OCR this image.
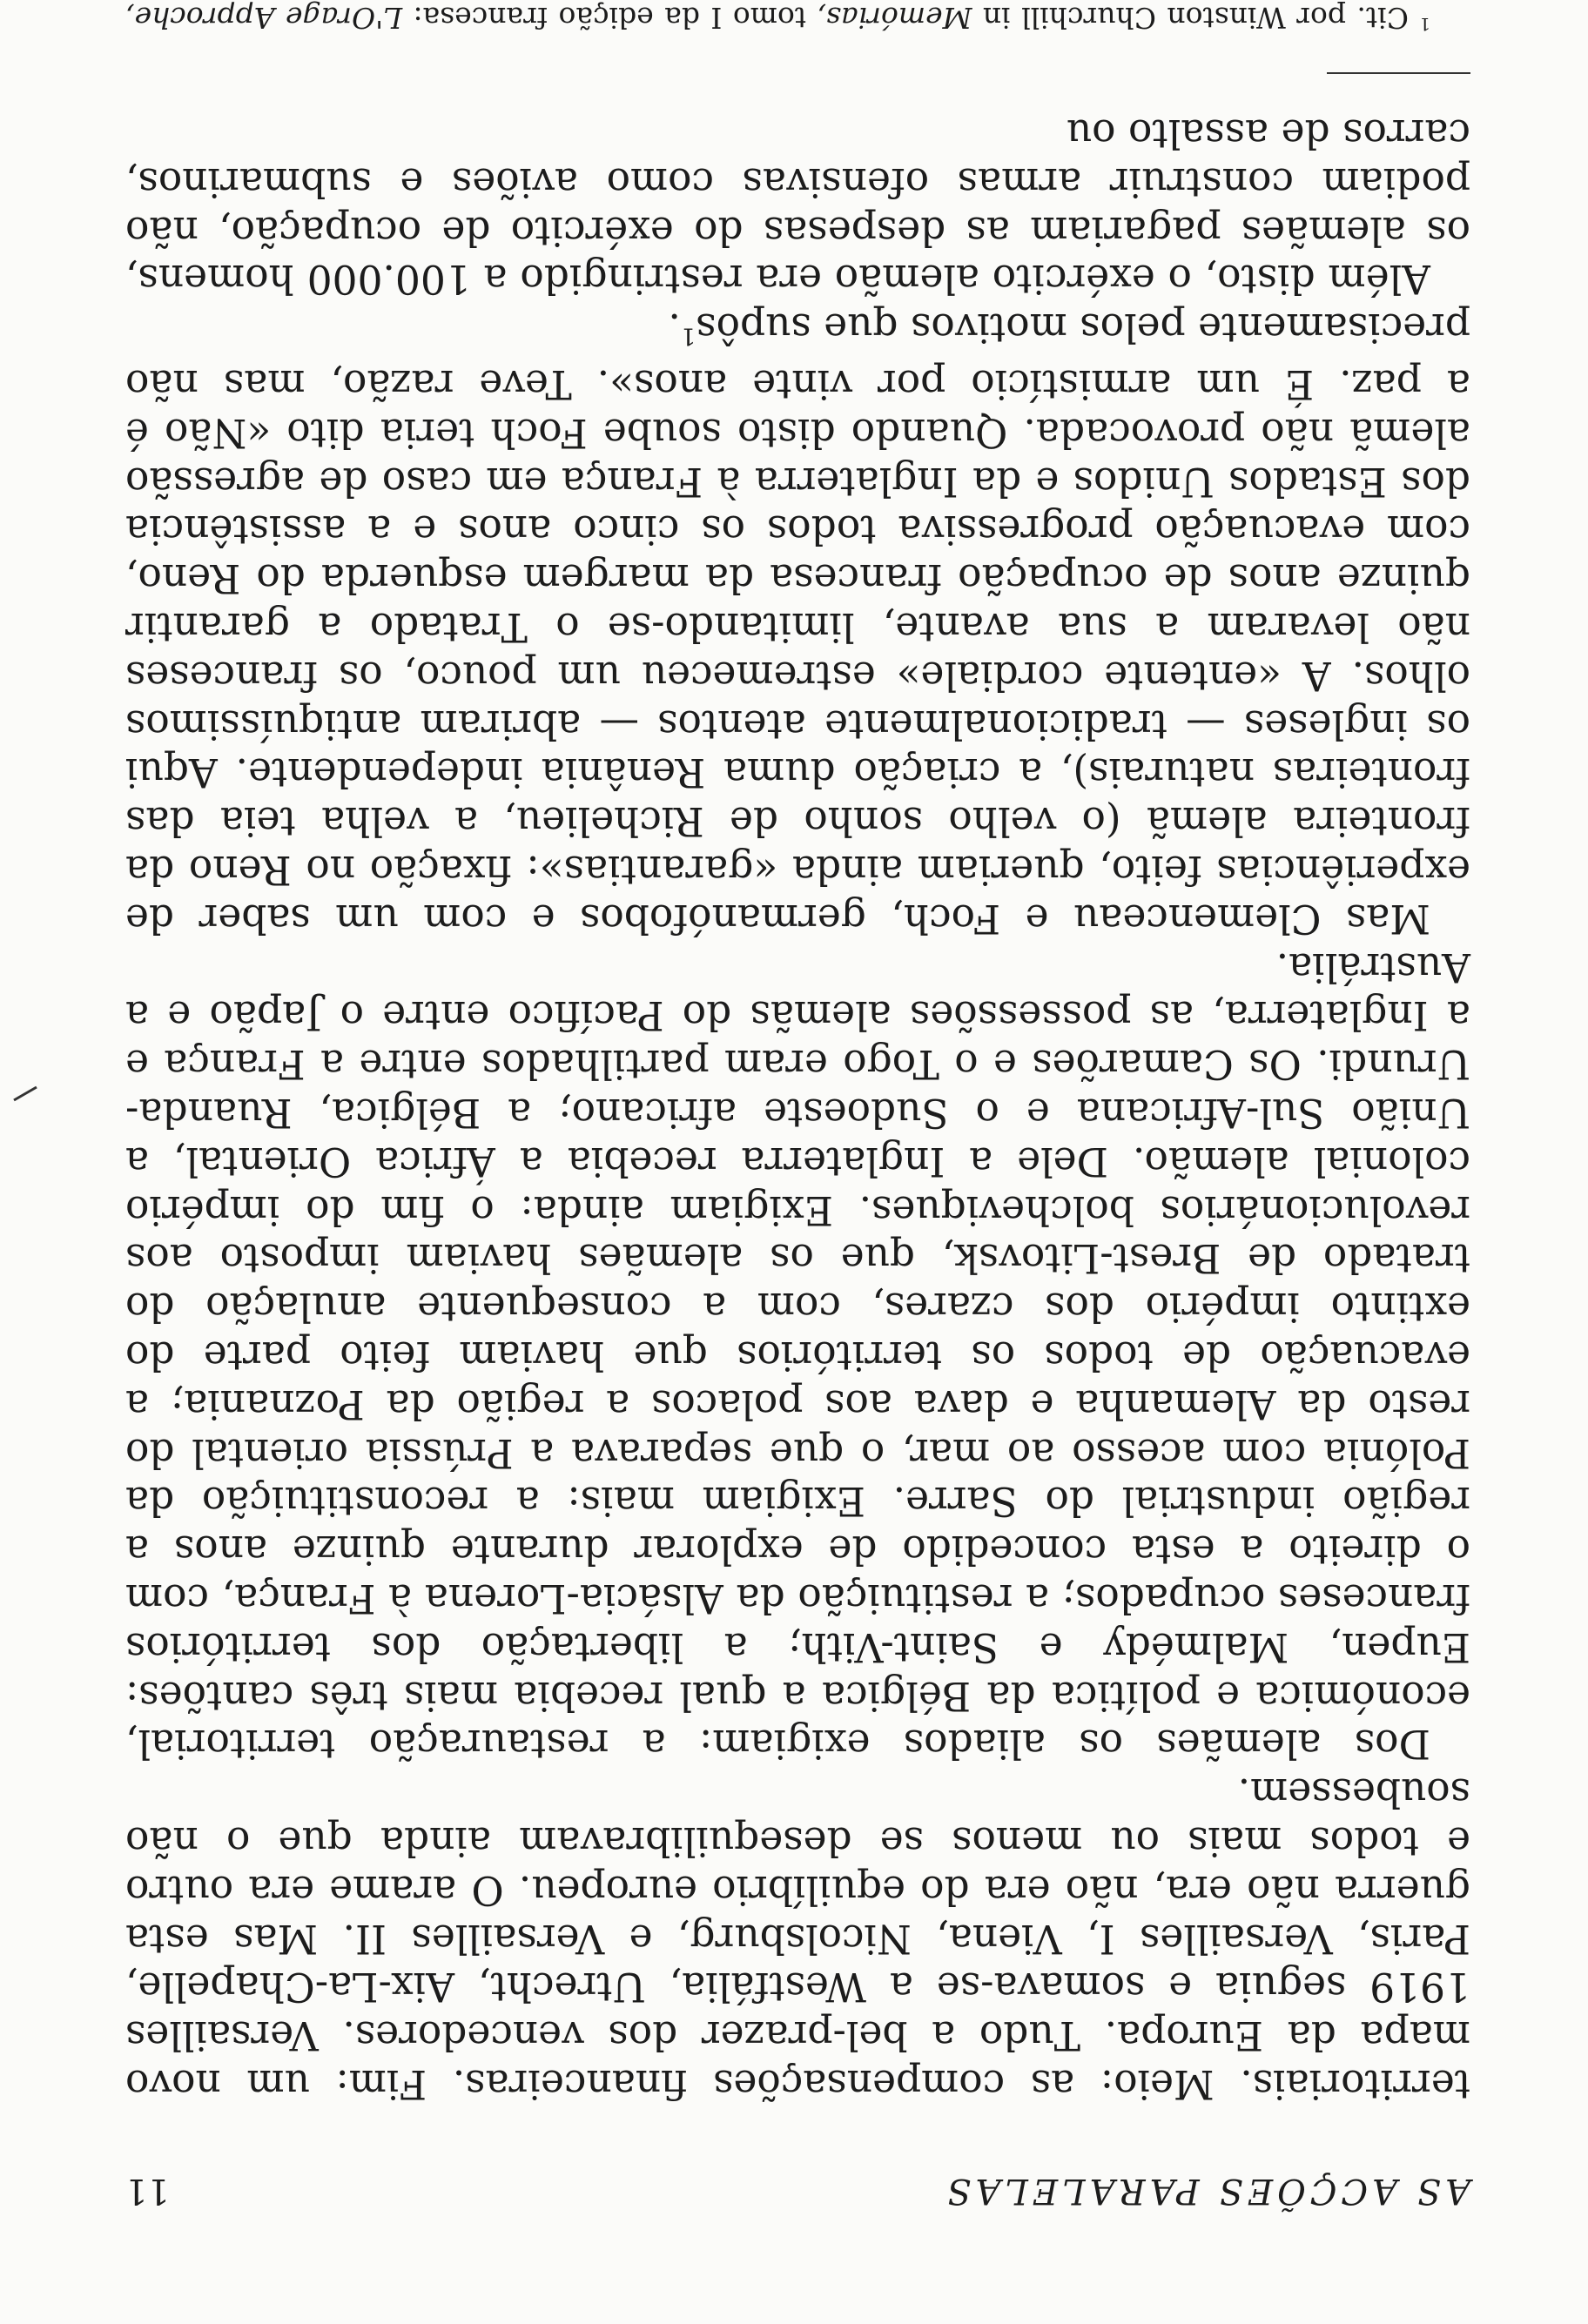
AS ACÇÕES PARALELAS
11

territoriais. Meio: as compensações financeiras. Fim: um novo mapa da Europa. Tudo a bel-prazer dos vencedores. Versailles 1919 seguia e somava-se a Westfália, Utrecht, Aix-La-Chapelle, Paris, Versailles I, Viena, Nicolsburg, e Versailles II. Mas esta guerra não era, não era do equilíbrio europeu. O arame era outro e todos mais ou menos se desequilibravam ainda que o não soubessem.

Dos alemães os aliados exigiam: a restauração territorial, económica e política da Bélgica a qual recebia mais três cantões: Eupen, Malmédy e Saint-Vith; a libertação dos territórios franceses ocupados; a restituição da Alsácia-Lorena à França, com o direito a esta concedido de explorar durante quinze anos a região industrial do Sarre. Exigiam mais: a reconstituição da Polónia com acesso ao mar, o que separava a Prússia oriental do resto da Alemanha e dava aos polacos a região da Poznania; a evacuação de todos os territórios que haviam feito parte do extinto império dos czares, com a consequente anulação do tratado de Brest-Litovsk, que os alemães haviam imposto aos revolucionários bolcheviques. Exigiam ainda: o fim do império colonial alemão. Dele a Inglaterra recebia a África Oriental, a União Sul-Africana e o Sudoeste africano; a Bélgica, Ruanda-Urundi. Os Camarões e o Togo eram partilhados entre a França e a Inglaterra, as possessões alemãs do Pacífico entre o Japão e a Austrália.

Mas Clemenceau e Foch, germanófobos e com um saber de experiências feito, queriam ainda «garantias»: fixação no Reno da fronteira alemã (o velho sonho de Richelieu, a velha teia das fronteiras naturais), a criação duma Renânia independente. Aqui os ingleses — tradicionalmente atentos — abriram antiquíssimos olhos. A «entente cordiale» estremeceu um pouco, os franceses não levaram a sua avante, limitando-se o Tratado a garantir quinze anos de ocupação francesa da margem esquerda do Reno, com evacuação progressiva todos os cinco anos e a assistência dos Estados Unidos e da Inglaterra à França em caso de agressão alemã não provocada. Quando disto soube Foch teria dito «Não é a paz. É um armistício por vinte anos». Teve razão, mas não precisamente pelos motivos que supôs$^1$.

Além disto, o exército alemão era restringido a 100.000 homens, os alemães pagariam as despesas do exército de ocupação, não podiam construir armas ofensivas como aviões e submarinos, carros de assalto ou

$^1$ Cit. por Winston Churchill in Memórias, tomo I da edição francesa: L'Orage Approche,
